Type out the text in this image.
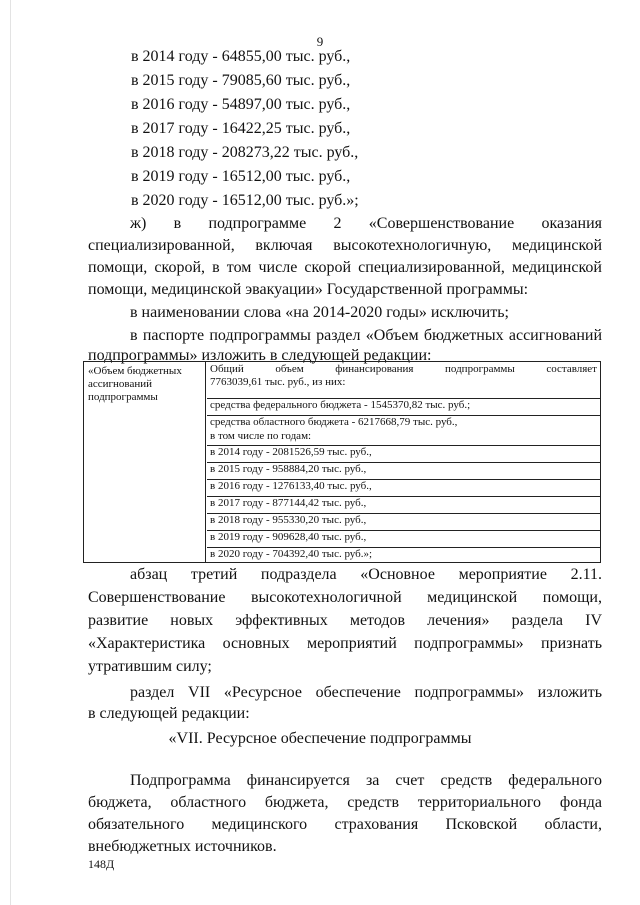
9
в 2014 году - 64855,00 тыс. руб.,
в 2015 году - 79085,60 тыс. руб.,
в 2016 году - 54897,00 тыс. руб.,
в 2017 году - 16422,25 тыс. руб.,
в 2018 году - 208273,22 тыс. руб.,
в 2019 году - 16512,00 тыс. руб.,
в 2020 году - 16512,00 тыс. руб.»;
ж) в подпрограмме 2 «Совершенствование оказания
специализированной, включая высокотехнологичную, медицинской
помощи, скорой, в том числе скорой специализированной, медицинской
помощи, медицинской эвакуации» Государственной программы:
в наименовании слова «на 2014-2020 годы» исключить;
в паспорте подпрограммы раздел «Объем бюджетных ассигнований
подпрограммы» изложить в следующей редакции:
«Объем бюджетных ассигнований подпрограммы
Общий объем финансирования подпрограммы составляет
7763039,61 тыс. руб., из них:
средства федерального бюджета - 1545370,82 тыс. руб.;
средства областного бюджета - 6217668,79 тыс. руб.,
в том числе по годам:
в 2014 году - 2081526,59 тыс. руб.,
в 2015 году - 958884,20 тыс. руб.,
в 2016 году - 1276133,40 тыс. руб.,
в 2017 году - 877144,42 тыс. руб.,
в 2018 году - 955330,20 тыс. руб.,
в 2019 году - 909628,40 тыс. руб.,
в 2020 году - 704392,40 тыс. руб.»;
абзац третий подраздела «Основное мероприятие 2.11.
Совершенствование высокотехнологичной медицинской помощи,
развитие новых эффективных методов лечения» раздела IV
«Характеристика основных мероприятий подпрограммы» признать
утратившим силу;
раздел VII «Ресурсное обеспечение подпрограммы» изложить
в следующей редакции:
«VII. Ресурсное обеспечение подпрограммы
Подпрограмма финансируется за счет средств федерального
бюджета, областного бюджета, средств территориального фонда
обязательного медицинского страхования Псковской области,
внебюджетных источников.
148Д
